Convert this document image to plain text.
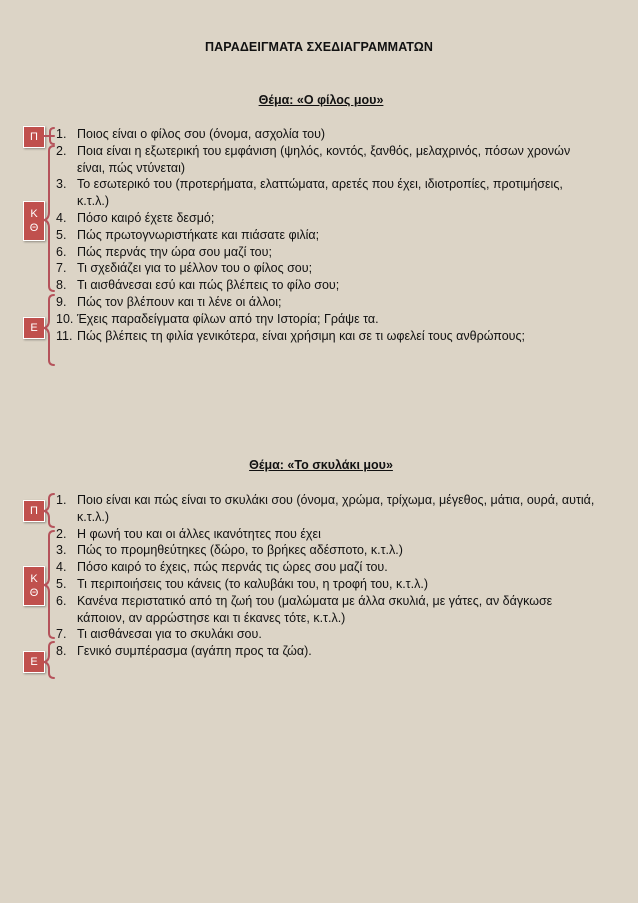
ΠΑΡΑΔΕΙΓΜΑΤΑ ΣΧΕΔΙΑΓΡΑΜΜΑΤΩΝ
Θέμα: «Ο φίλος μου»
Π
Κ
Θ
Ε
1. Ποιος είναι ο φίλος σου (όνομα, ασχολία του)
2. Ποια είναι η εξωτερική του εμφάνιση (ψηλός, κοντός, ξανθός, μελαχρινός, πόσων χρονών είναι, πώς ντύνεται)
3. Το εσωτερικό του (προτερήματα, ελαττώματα, αρετές που έχει, ιδιοτροπίες, προτιμήσεις, κ.τ.λ.)
4. Πόσο καιρό έχετε δεσμό;
5. Πώς πρωτογνωριστήκατε και πιάσατε φιλία;
6. Πώς περνάς την ώρα σου μαζί του;
7. Τι σχεδιάζει για το μέλλον του ο φίλος σου;
8. Τι αισθάνεσαι εσύ και πώς βλέπεις το φίλο σου;
9. Πώς τον βλέπουν και τι λένε οι άλλοι;
10. Έχεις παραδείγματα φίλων από την Ιστορία; Γράψε τα.
11. Πώς βλέπεις τη φιλία γενικότερα, είναι χρήσιμη και σε τι ωφελεί τους ανθρώπους;
Θέμα: «Το σκυλάκι μου»
Π
Κ
Θ
Ε
1. Ποιο είναι και πώς είναι το σκυλάκι σου (όνομα, χρώμα, τρίχωμα, μέγεθος, μάτια, ουρά, αυτιά, κ.τ.λ.)
2. Η φωνή του και οι άλλες ικανότητες που έχει
3. Πώς το προμηθεύτηκες (δώρο, το βρήκες αδέσποτο, κ.τ.λ.)
4. Πόσο καιρό το έχεις, πώς περνάς τις ώρες σου μαζί του.
5. Τι περιποιήσεις του κάνεις (το καλυβάκι του, η τροφή του, κ.τ.λ.)
6. Κανένα περιστατικό από τη ζωή του (μαλώματα με άλλα σκυλιά, με γάτες, αν δάγκωσε κάποιον, αν αρρώστησε και τι έκανες τότε, κ.τ.λ.)
7. Τι αισθάνεσαι για το σκυλάκι σου.
8. Γενικό συμπέρασμα (αγάπη προς τα ζώα).
